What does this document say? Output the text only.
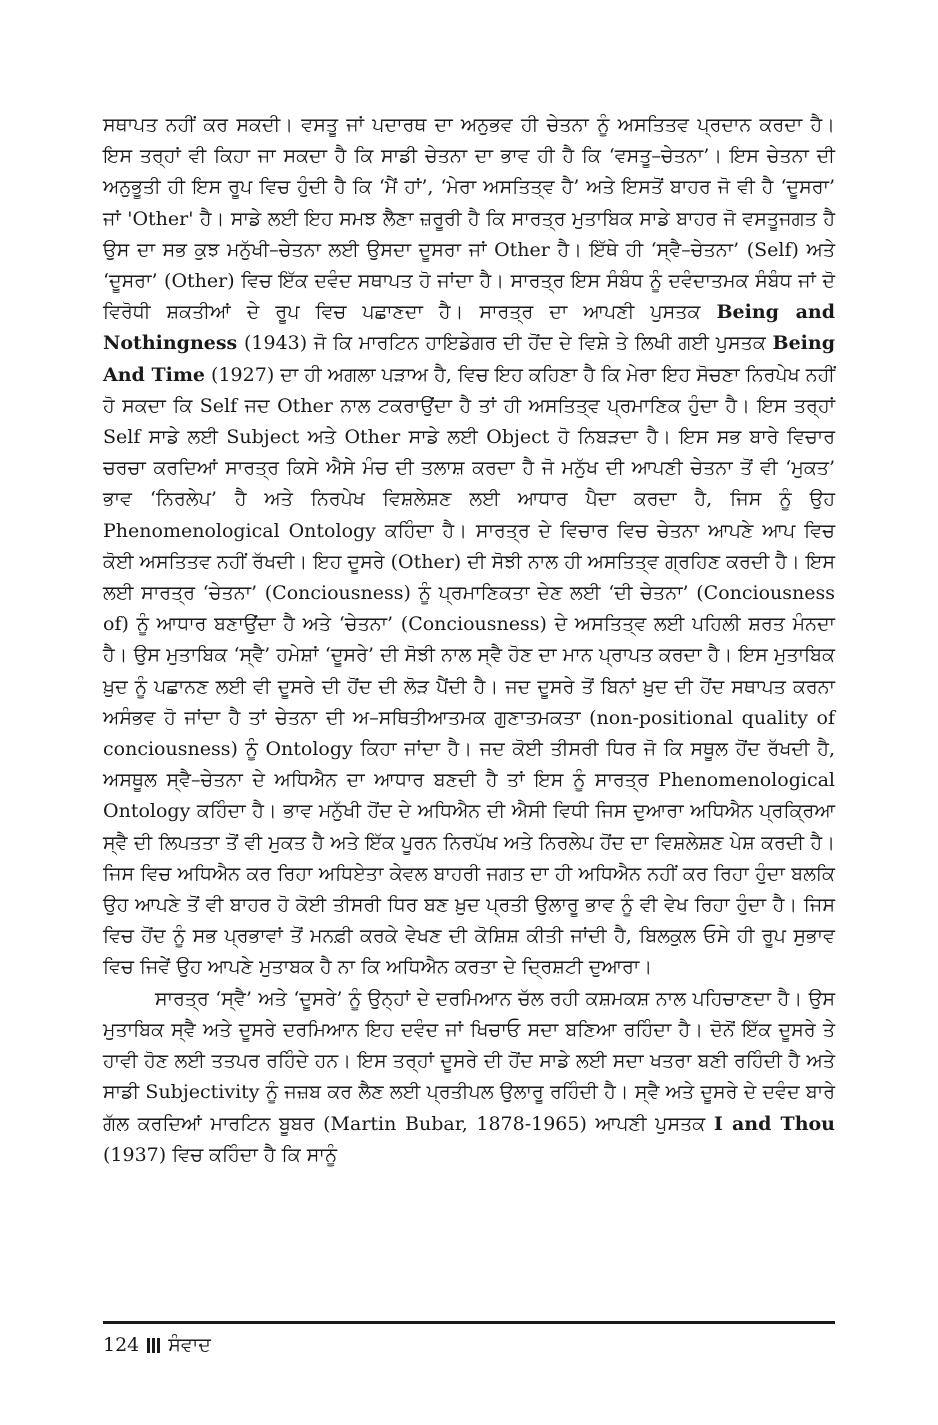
ਸਥਾਪਤ ਨਹੀਂ ਕਰ ਸਕਦੀ। ਵਸਤੂ ਜਾਂ ਪਦਾਰਥ ਦਾ ਅਨੁਭਵ ਹੀ ਚੇਤਨਾ ਨੂੰ ਅਸਤਿਤਵ ਪ੍ਰਦਾਨ ਕਰਦਾ ਹੈ। ਇਸ ਤਰ੍ਹਾਂ ਵੀ ਕਿਹਾ ਜਾ ਸਕਦਾ ਹੈ ਕਿ ਸਾਡੀ ਚੇਤਨਾ ਦਾ ਭਾਵ ਹੀ ਹੈ ਕਿ ‘ਵਸਤੂ–ਚੇਤਨਾ’। ਇਸ ਚੇਤਨਾ ਦੀ ਅਨੁਭੂਤੀ ਹੀ ਇਸ ਰੂਪ ਵਿਚ ਹੁੰਦੀ ਹੈ ਕਿ ‘ਮੈਂ ਹਾਂ’, ‘ਮੇਰਾ ਅਸਤਿਤ੍ਵ ਹੈ’ ਅਤੇ ਇਸਤੋਂ ਬਾਹਰ ਜੋ ਵੀ ਹੈ ‘ਦੂਸਰਾ’ ਜਾਂ 'Other' ਹੈ। ਸਾਡੇ ਲਈ ਇਹ ਸਮਝ ਲੈਣਾ ਜ਼ਰੂਰੀ ਹੈ ਕਿ ਸਾਰਤ੍ਰ ਮੁਤਾਬਿਕ ਸਾਡੇ ਬਾਹਰ ਜੋ ਵਸਤੂਜਗਤ ਹੈ ਉਸ ਦਾ ਸਭ ਕੁਝ ਮਨੁੱਖੀ–ਚੇਤਨਾ ਲਈ ਉਸਦਾ ਦੂਸਰਾ ਜਾਂ Other ਹੈ। ਇੱਥੇ ਹੀ ‘ਸ੍ਵੈ–ਚੇਤਨਾ’ (Self) ਅਤੇ ‘ਦੂਸਰਾ’ (Other) ਵਿਚ ਇੱਕ ਦਵੰਦ ਸਥਾਪਤ ਹੋ ਜਾਂਦਾ ਹੈ। ਸਾਰਤ੍ਰ ਇਸ ਸੰਬੰਧ ਨੂੰ ਦਵੰਦਾਤਮਕ ਸੰਬੰਧ ਜਾਂ ਦੋ ਵਿਰੋਧੀ ਸ਼ਕਤੀਆਂ ਦੇ ਰੂਪ ਵਿਚ ਪਛਾਣਦਾ ਹੈ। ਸਾਰਤ੍ਰ ਦਾ ਆਪਣੀ ਪੁਸਤਕ Being and Nothingness (1943) ਜੋ ਕਿ ਮਾਰਟਿਨ ਹਾਇਡੇਗਰ ਦੀ ਹੋਂਦ ਦੇ ਵਿਸ਼ੇ ਤੇ ਲਿਖੀ ਗਈ ਪੁਸਤਕ Being And Time (1927) ਦਾ ਹੀ ਅਗਲਾ ਪੜਾਅ ਹੈ, ਵਿਚ ਇਹ ਕਹਿਣਾ ਹੈ ਕਿ ਮੇਰਾ ਇਹ ਸੋਚਣਾ ਨਿਰਪੇਖ ਨਹੀਂ ਹੋ ਸਕਦਾ ਕਿ Self ਜਦ Other ਨਾਲ ਟਕਰਾਉਂਦਾ ਹੈ ਤਾਂ ਹੀ ਅਸਤਿਤ੍ਵ ਪ੍ਰਮਾਣਿਕ ਹੁੰਦਾ ਹੈ। ਇਸ ਤਰ੍ਹਾਂ Self ਸਾਡੇ ਲਈ Subject ਅਤੇ Other ਸਾਡੇ ਲਈ Object ਹੋ ਨਿਬੜਦਾ ਹੈ। ਇਸ ਸਭ ਬਾਰੇ ਵਿਚਾਰ ਚਰਚਾ ਕਰਦਿਆਂ ਸਾਰਤ੍ਰ ਕਿਸੇ ਐਸੇ ਮੰਚ ਦੀ ਤਲਾਸ਼ ਕਰਦਾ ਹੈ ਜੋ ਮਨੁੱਖ ਦੀ ਆਪਣੀ ਚੇਤਨਾ ਤੋਂ ਵੀ ‘ਮੁਕਤ’ ਭਾਵ ‘ਨਿਰਲੇਪ’ ਹੈ ਅਤੇ ਨਿਰਪੇਖ ਵਿਸ਼ਲੇਸ਼ਣ ਲਈ ਆਧਾਰ ਪੈਦਾ ਕਰਦਾ ਹੈ, ਜਿਸ ਨੂੰ ਉਹ Phenomenological Ontology ਕਹਿੰਦਾ ਹੈ। ਸਾਰਤ੍ਰ ਦੇ ਵਿਚਾਰ ਵਿਚ ਚੇਤਨਾ ਆਪਣੇ ਆਪ ਵਿਚ ਕੋਈ ਅਸਤਿਤਵ ਨਹੀਂ ਰੱਖਦੀ। ਇਹ ਦੂਸਰੇ (Other) ਦੀ ਸੋਝੀ ਨਾਲ ਹੀ ਅਸਤਿਤ੍ਵ ਗ੍ਰਹਿਣ ਕਰਦੀ ਹੈ। ਇਸ ਲਈ ਸਾਰਤ੍ਰ ‘ਚੇਤਨਾ’ (Conciousness) ਨੂੰ ਪ੍ਰਮਾਣਿਕਤਾ ਦੇਣ ਲਈ ‘ਦੀ ਚੇਤਨਾ’ (Conciousness of) ਨੂੰ ਆਧਾਰ ਬਣਾਉਂਦਾ ਹੈ ਅਤੇ ‘ਚੇਤਨਾ’ (Conciousness) ਦੇ ਅਸਤਿਤ੍ਵ ਲਈ ਪਹਿਲੀ ਸ਼ਰਤ ਮੰਨਦਾ ਹੈ। ਉਸ ਮੁਤਾਬਿਕ ‘ਸ੍ਵੈ’ ਹਮੇਸ਼ਾਂ ‘ਦੂਸਰੇ’ ਦੀ ਸੋਝੀ ਨਾਲ ਸ੍ਵੈ ਹੋਣ ਦਾ ਮਾਨ ਪ੍ਰਾਪਤ ਕਰਦਾ ਹੈ। ਇਸ ਮੁਤਾਬਿਕ ਖ਼ੁਦ ਨੂੰ ਪਛਾਨਣ ਲਈ ਵੀ ਦੂਸਰੇ ਦੀ ਹੋਂਦ ਦੀ ਲੋੜ ਪੈਂਦੀ ਹੈ। ਜਦ ਦੂਸਰੇ ਤੋਂ ਬਿਨਾਂ ਖ਼ੁਦ ਦੀ ਹੋਂਦ ਸਥਾਪਤ ਕਰਨਾ ਅਸੰਭਵ ਹੋ ਜਾਂਦਾ ਹੈ ਤਾਂ ਚੇਤਨਾ ਦੀ ਅ–ਸਥਿਤੀਆਤਮਕ ਗੁਣਾਤਮਕਤਾ (non-positional quality of conciousness) ਨੂੰ Ontology ਕਿਹਾ ਜਾਂਦਾ ਹੈ। ਜਦ ਕੋਈ ਤੀਸਰੀ ਧਿਰ ਜੋ ਕਿ ਸਥੂਲ ਹੋਂਦ ਰੱਖਦੀ ਹੈ, ਅਸਥੂਲ ਸ੍ਵੈ–ਚੇਤਨਾ ਦੇ ਅਧਿਐਨ ਦਾ ਆਧਾਰ ਬਣਦੀ ਹੈ ਤਾਂ ਇਸ ਨੂੰ ਸਾਰਤ੍ਰ Phenomenological Ontology ਕਹਿੰਦਾ ਹੈ। ਭਾਵ ਮਨੁੱਖੀ ਹੋਂਦ ਦੇ ਅਧਿਐਨ ਦੀ ਐਸੀ ਵਿਧੀ ਜਿਸ ਦੁਆਰਾ ਅਧਿਐਨ ਪ੍ਰਕ੍ਰਿਆ ਸ੍ਵੈ ਦੀ ਲਿਪਤਤਾ ਤੋਂ ਵੀ ਮੁਕਤ ਹੈ ਅਤੇ ਇੱਕ ਪੂਰਨ ਨਿਰਪੱਖ ਅਤੇ ਨਿਰਲੇਪ ਹੋਂਦ ਦਾ ਵਿਸ਼ਲੇਸ਼ਣ ਪੇਸ਼ ਕਰਦੀ ਹੈ। ਜਿਸ ਵਿਚ ਅਧਿਐਨ ਕਰ ਰਿਹਾ ਅਧਿਏਤਾ ਕੇਵਲ ਬਾਹਰੀ ਜਗਤ ਦਾ ਹੀ ਅਧਿਐਨ ਨਹੀਂ ਕਰ ਰਿਹਾ ਹੁੰਦਾ ਬਲਕਿ ਉਹ ਆਪਣੇ ਤੋਂ ਵੀ ਬਾਹਰ ਹੋ ਕੋਈ ਤੀਸਰੀ ਧਿਰ ਬਣ ਖ਼ੁਦ ਪ੍ਰਤੀ ਉਲਾਰੂ ਭਾਵ ਨੂੰ ਵੀ ਵੇਖ ਰਿਹਾ ਹੁੰਦਾ ਹੈ। ਜਿਸ ਵਿਚ ਹੋਂਦ ਨੂੰ ਸਭ ਪ੍ਰਭਾਵਾਂ ਤੋਂ ਮਨਫ਼ੀ ਕਰਕੇ ਵੇਖਣ ਦੀ ਕੋਸ਼ਿਸ਼ ਕੀਤੀ ਜਾਂਦੀ ਹੈ, ਬਿਲਕੁਲ ਓਸੇ ਹੀ ਰੂਪ ਸੁਭਾਵ ਵਿਚ ਜਿਵੇਂ ਉਹ ਆਪਣੇ ਮੁਤਾਬਕ ਹੈ ਨਾ ਕਿ ਅਧਿਐਨ ਕਰਤਾ ਦੇ ਦ੍ਰਿਸ਼ਟੀ ਦੁਆਰਾ।

ਸਾਰਤ੍ਰ ‘ਸ੍ਵੈ’ ਅਤੇ ‘ਦੂਸਰੇ’ ਨੂੰ ਉਨ੍ਹਾਂ ਦੇ ਦਰਮਿਆਨ ਚੱਲ ਰਹੀ ਕਸ਼ਮਕਸ਼ ਨਾਲ ਪਹਿਚਾਣਦਾ ਹੈ। ਉਸ ਮੁਤਾਬਿਕ ਸ੍ਵੈ ਅਤੇ ਦੂਸਰੇ ਦਰਮਿਆਨ ਇਹ ਦਵੰਦ ਜਾਂ ਖਿਚਾਓ ਸਦਾ ਬਣਿਆ ਰਹਿੰਦਾ ਹੈ। ਦੋਨੋਂ ਇੱਕ ਦੂਸਰੇ ਤੇ ਹਾਵੀ ਹੋਣ ਲਈ ਤਤਪਰ ਰਹਿੰਦੇ ਹਨ। ਇਸ ਤਰ੍ਹਾਂ ਦੂਸਰੇ ਦੀ ਹੋਂਦ ਸਾਡੇ ਲਈ ਸਦਾ ਖਤਰਾ ਬਣੀ ਰਹਿੰਦੀ ਹੈ ਅਤੇ ਸਾਡੀ Subjectivity ਨੂੰ ਜਜ਼ਬ ਕਰ ਲੈਣ ਲਈ ਪ੍ਰਤੀਪਲ ਉਲਾਰੂ ਰਹਿੰਦੀ ਹੈ। ਸ੍ਵੈ ਅਤੇ ਦੂਸਰੇ ਦੇ ਦਵੰਦ ਬਾਰੇ ਗੱਲ ਕਰਦਿਆਂ ਮਾਰਟਿਨ ਬੂਬਰ (Martin Bubar, 1878-1965) ਆਪਣੀ ਪੁਸਤਕ I and Thou (1937) ਵਿਚ ਕਹਿੰਦਾ ਹੈ ਕਿ ਸਾਨੂੰ

124 ਸੰਵਾਦ
